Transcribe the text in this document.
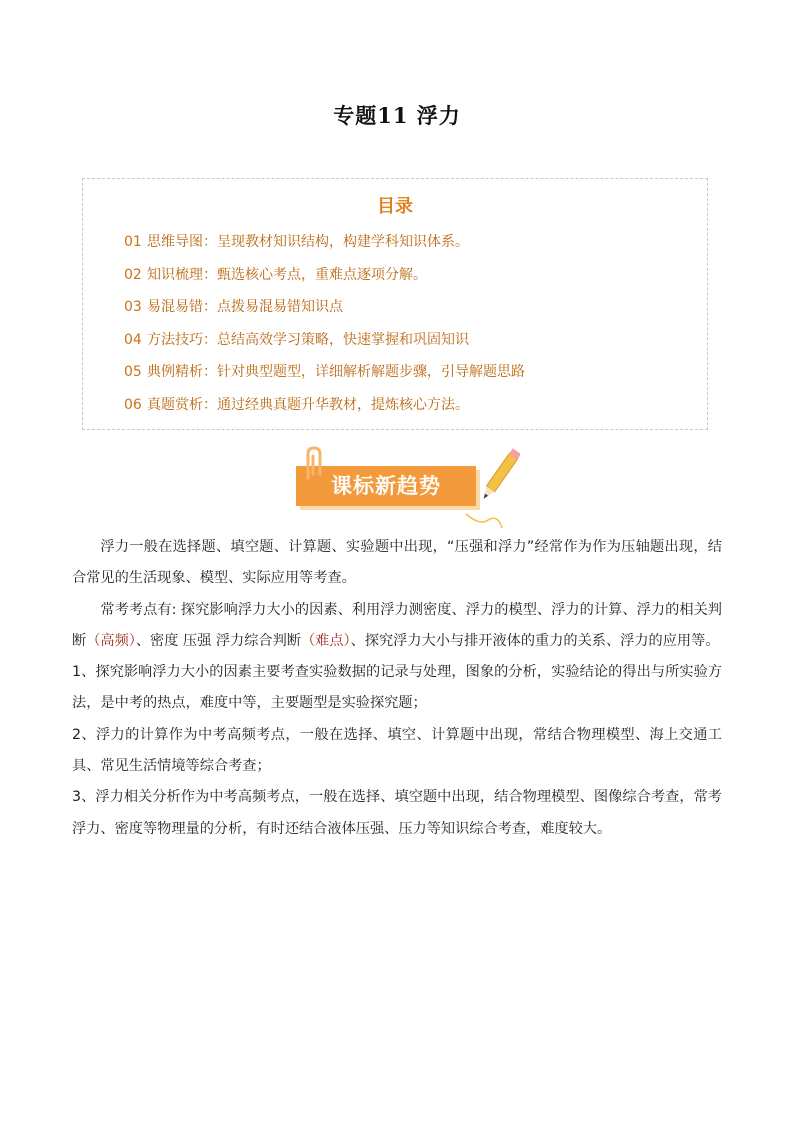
专题11 浮力
目录
01 思维导图：呈现教材知识结构，构建学科知识体系。
02 知识梳理：甄选核心考点，重难点逐项分解。
03 易混易错：点拨易混易错知识点
04 方法技巧：总结高效学习策略，快速掌握和巩固知识
05 典例精析：针对典型题型，详细解析解题步骤，引导解题思路
06 真题赏析：通过经典真题升华教材，提炼核心方法。
课标新趋势

浮力一般在选择题、填空题、计算题、实验题中出现，“压强和浮力”经常作为作为压轴题出现，结合常见的生活现象、模型、实际应用等考查。

常考考点有: 探究影响浮力大小的因素、利用浮力测密度、浮力的模型、浮力的计算、浮力的相关判断（高频）、密度 压强 浮力综合判断（难点）、探究浮力大小与排开液体的重力的关系、浮力的应用等。

1、探究影响浮力大小的因素主要考查实验数据的记录与处理，图象的分析，实验结论的得出与所实验方法，是中考的热点，难度中等，主要题型是实验探究题；

2、浮力的计算作为中考高频考点，一般在选择、填空、计算题中出现，常结合物理模型、海上交通工具、常见生活情境等综合考查；

3、浮力相关分析作为中考高频考点，一般在选择、填空题中出现，结合物理模型、图像综合考查，常考浮力、密度等物理量的分析，有时还结合液体压强、压力等知识综合考查，难度较大。
